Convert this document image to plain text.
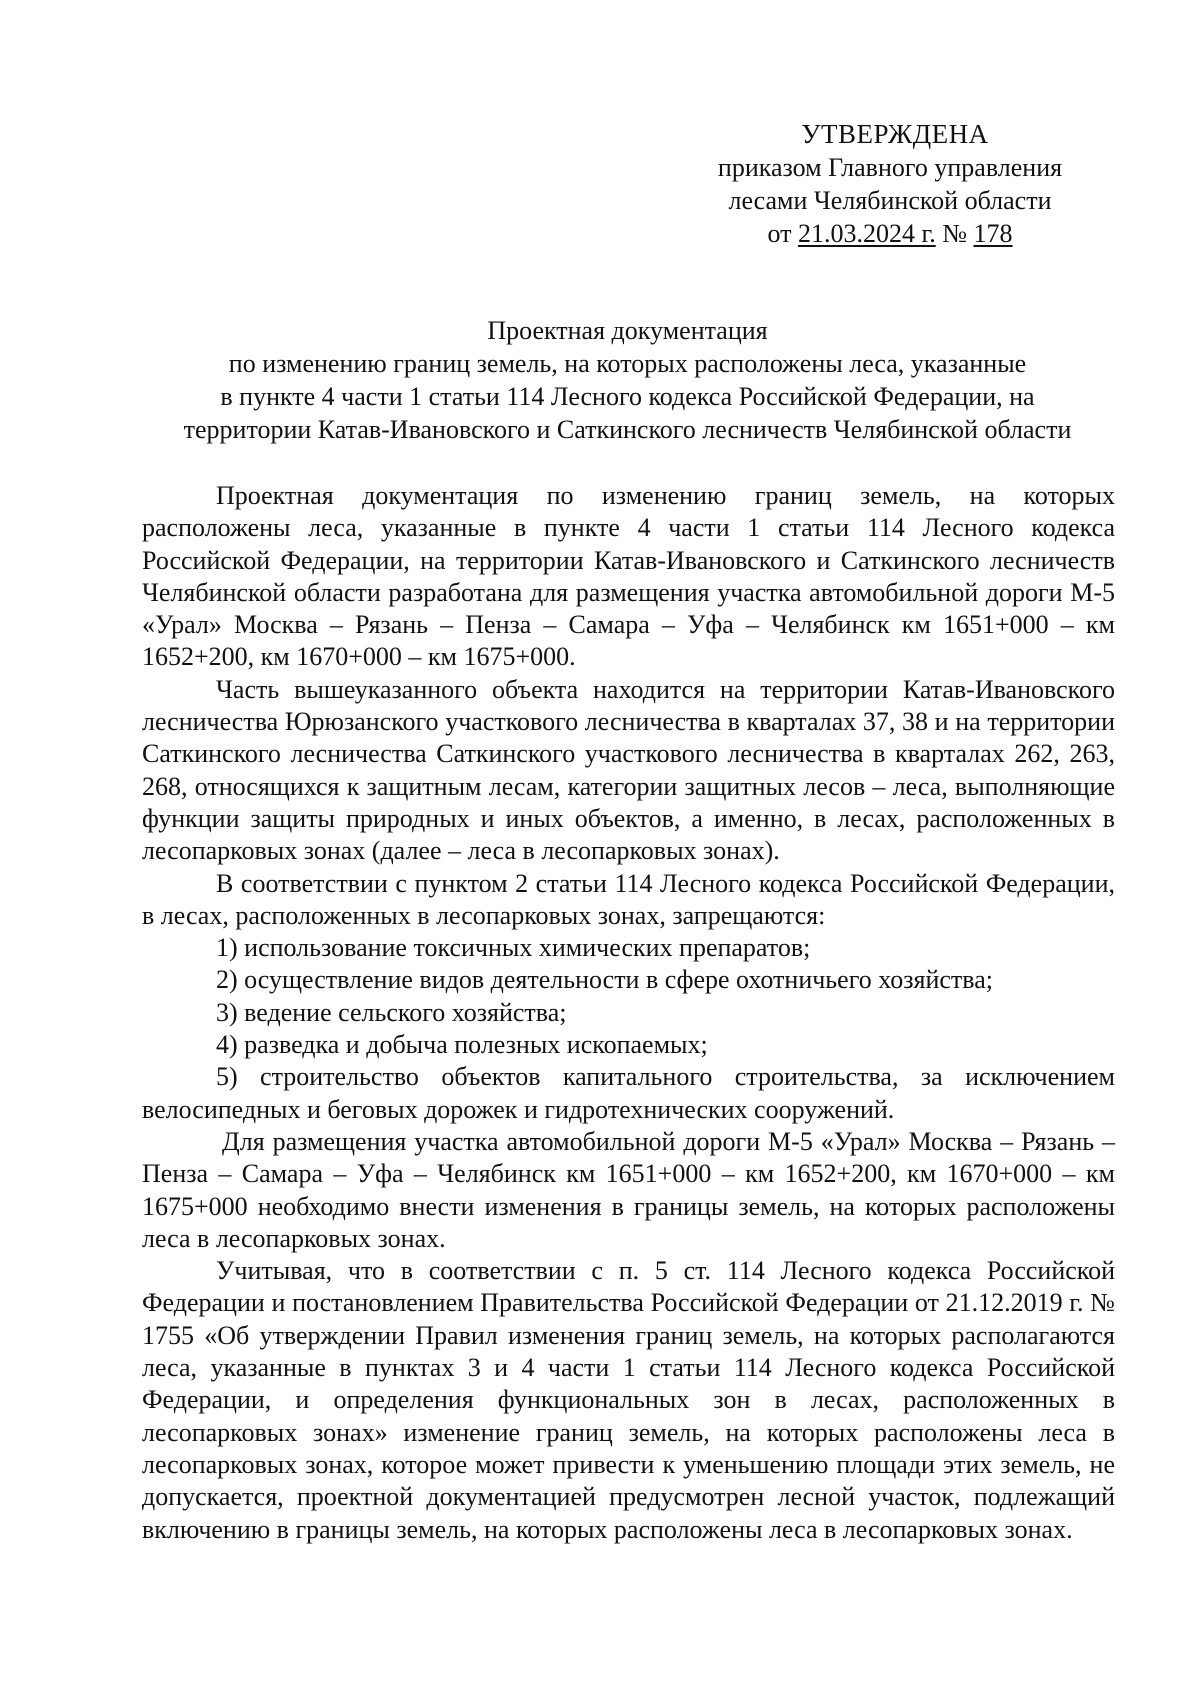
УТВЕРЖДЕНА
приказом Главного управления
лесами Челябинской области
от 21.03.2024 г. № 178
Проектная документация
по изменению границ земель, на которых расположены леса, указанные
в пункте 4 части 1 статьи 114 Лесного кодекса Российской Федерации, на
территории Катав-Ивановского и Саткинского лесничеств Челябинской области

Проектная документация по изменению границ земель, на которых расположены леса, указанные в пункте 4 части 1 статьи 114 Лесного кодекса Российской Федерации, на территории Катав-Ивановского и Саткинского лесничеств Челябинской области разработана для размещения участка автомобильной дороги М-5 «Урал» Москва – Рязань – Пенза – Самара – Уфа – Челябинск км 1651+000 – км 1652+200, км 1670+000 – км 1675+000.

Часть вышеуказанного объекта находится на территории Катав-Ивановского лесничества Юрюзанского участкового лесничества в кварталах 37, 38 и на территории Саткинского лесничества Саткинского участкового лесничества в кварталах 262, 263, 268, относящихся к защитным лесам, категории защитных лесов – леса, выполняющие функции защиты природных и иных объектов, а именно, в лесах, расположенных в лесопарковых зонах (далее – леса в лесопарковых зонах).

В соответствии с пунктом 2 статьи 114 Лесного кодекса Российской Федерации, в лесах, расположенных в лесопарковых зонах, запрещаются:

1) использование токсичных химических препаратов;

2) осуществление видов деятельности в сфере охотничьего хозяйства;

3) ведение сельского хозяйства;

4) разведка и добыча полезных ископаемых;

5) строительство объектов капитального строительства, за исключением велосипедных и беговых дорожек и гидротехнических сооружений.

Для размещения участка автомобильной дороги М-5 «Урал» Москва – Рязань – Пенза – Самара – Уфа – Челябинск км 1651+000 – км 1652+200, км 1670+000 – км 1675+000 необходимо внести изменения в границы земель, на которых расположены леса в лесопарковых зонах.

Учитывая, что в соответствии с п. 5 ст. 114 Лесного кодекса Российской Федерации и постановлением Правительства Российской Федерации от 21.12.2019 г. № 1755 «Об утверждении Правил изменения границ земель, на которых располагаются леса, указанные в пунктах 3 и 4 части 1 статьи 114 Лесного кодекса Российской Федерации, и определения функциональных зон в лесах, расположенных в лесопарковых зонах» изменение границ земель, на которых расположены леса в лесопарковых зонах, которое может привести к уменьшению площади этих земель, не допускается, проектной документацией предусмотрен лесной участок, подлежащий включению в границы земель, на которых расположены леса в лесопарковых зонах.
